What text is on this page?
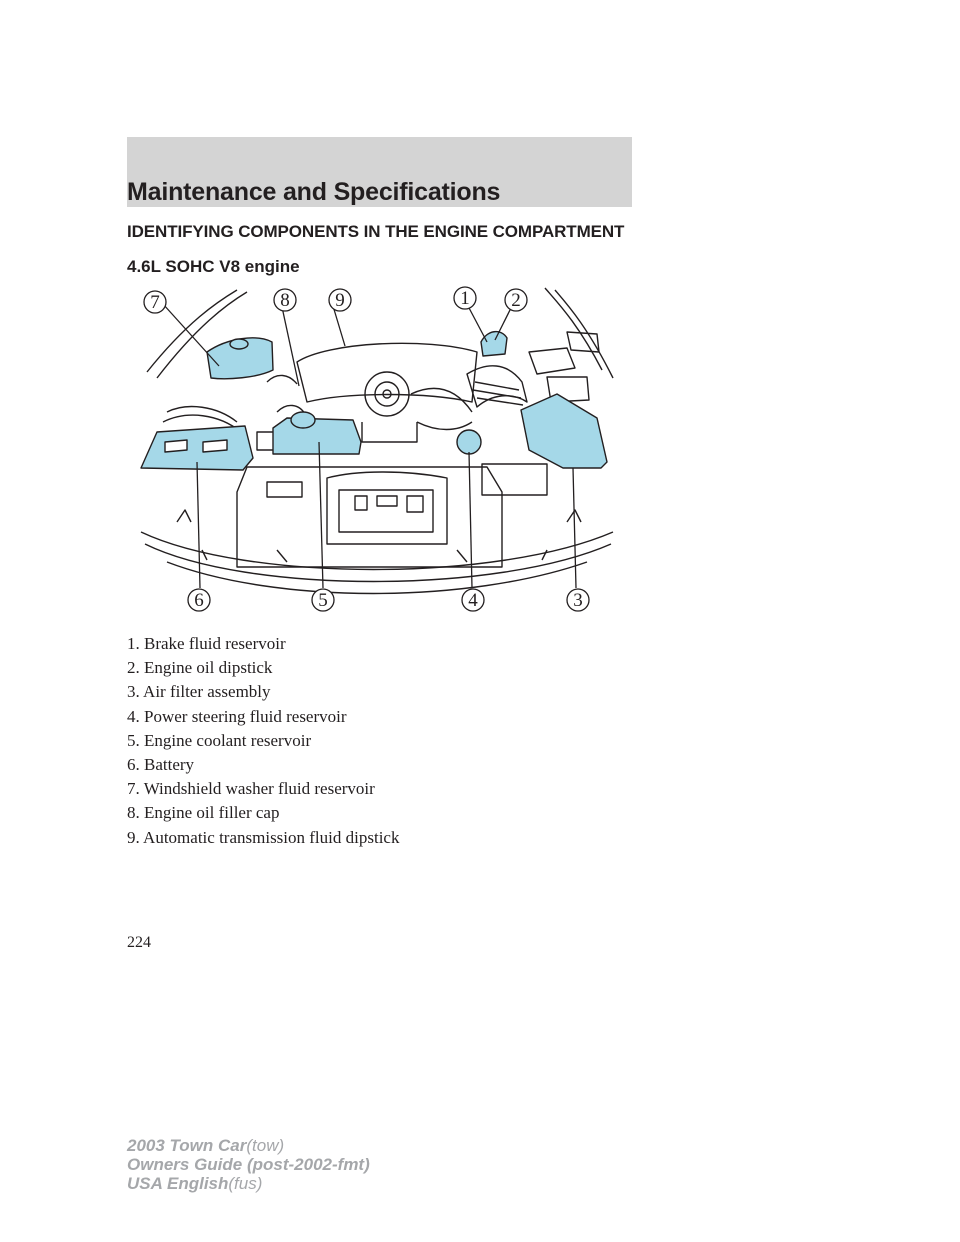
Maintenance and Specifications
IDENTIFYING COMPONENTS IN THE ENGINE COMPARTMENT
4.6L SOHC V8 engine
7	8 9	1 2
3
4
5
6
1. Brake fluid reservoir
2. Engine oil dipstick
3. Air filter assembly
4. Power steering fluid reservoir
5. Engine coolant reservoir
6. Battery
7. Windshield washer fluid reservoir
8. Engine oil filler cap
9. Automatic transmission fluid dipstick
224
2003 Town Car(tow)
Owners Guide (post-2002-fmt)
USA English(fus)
